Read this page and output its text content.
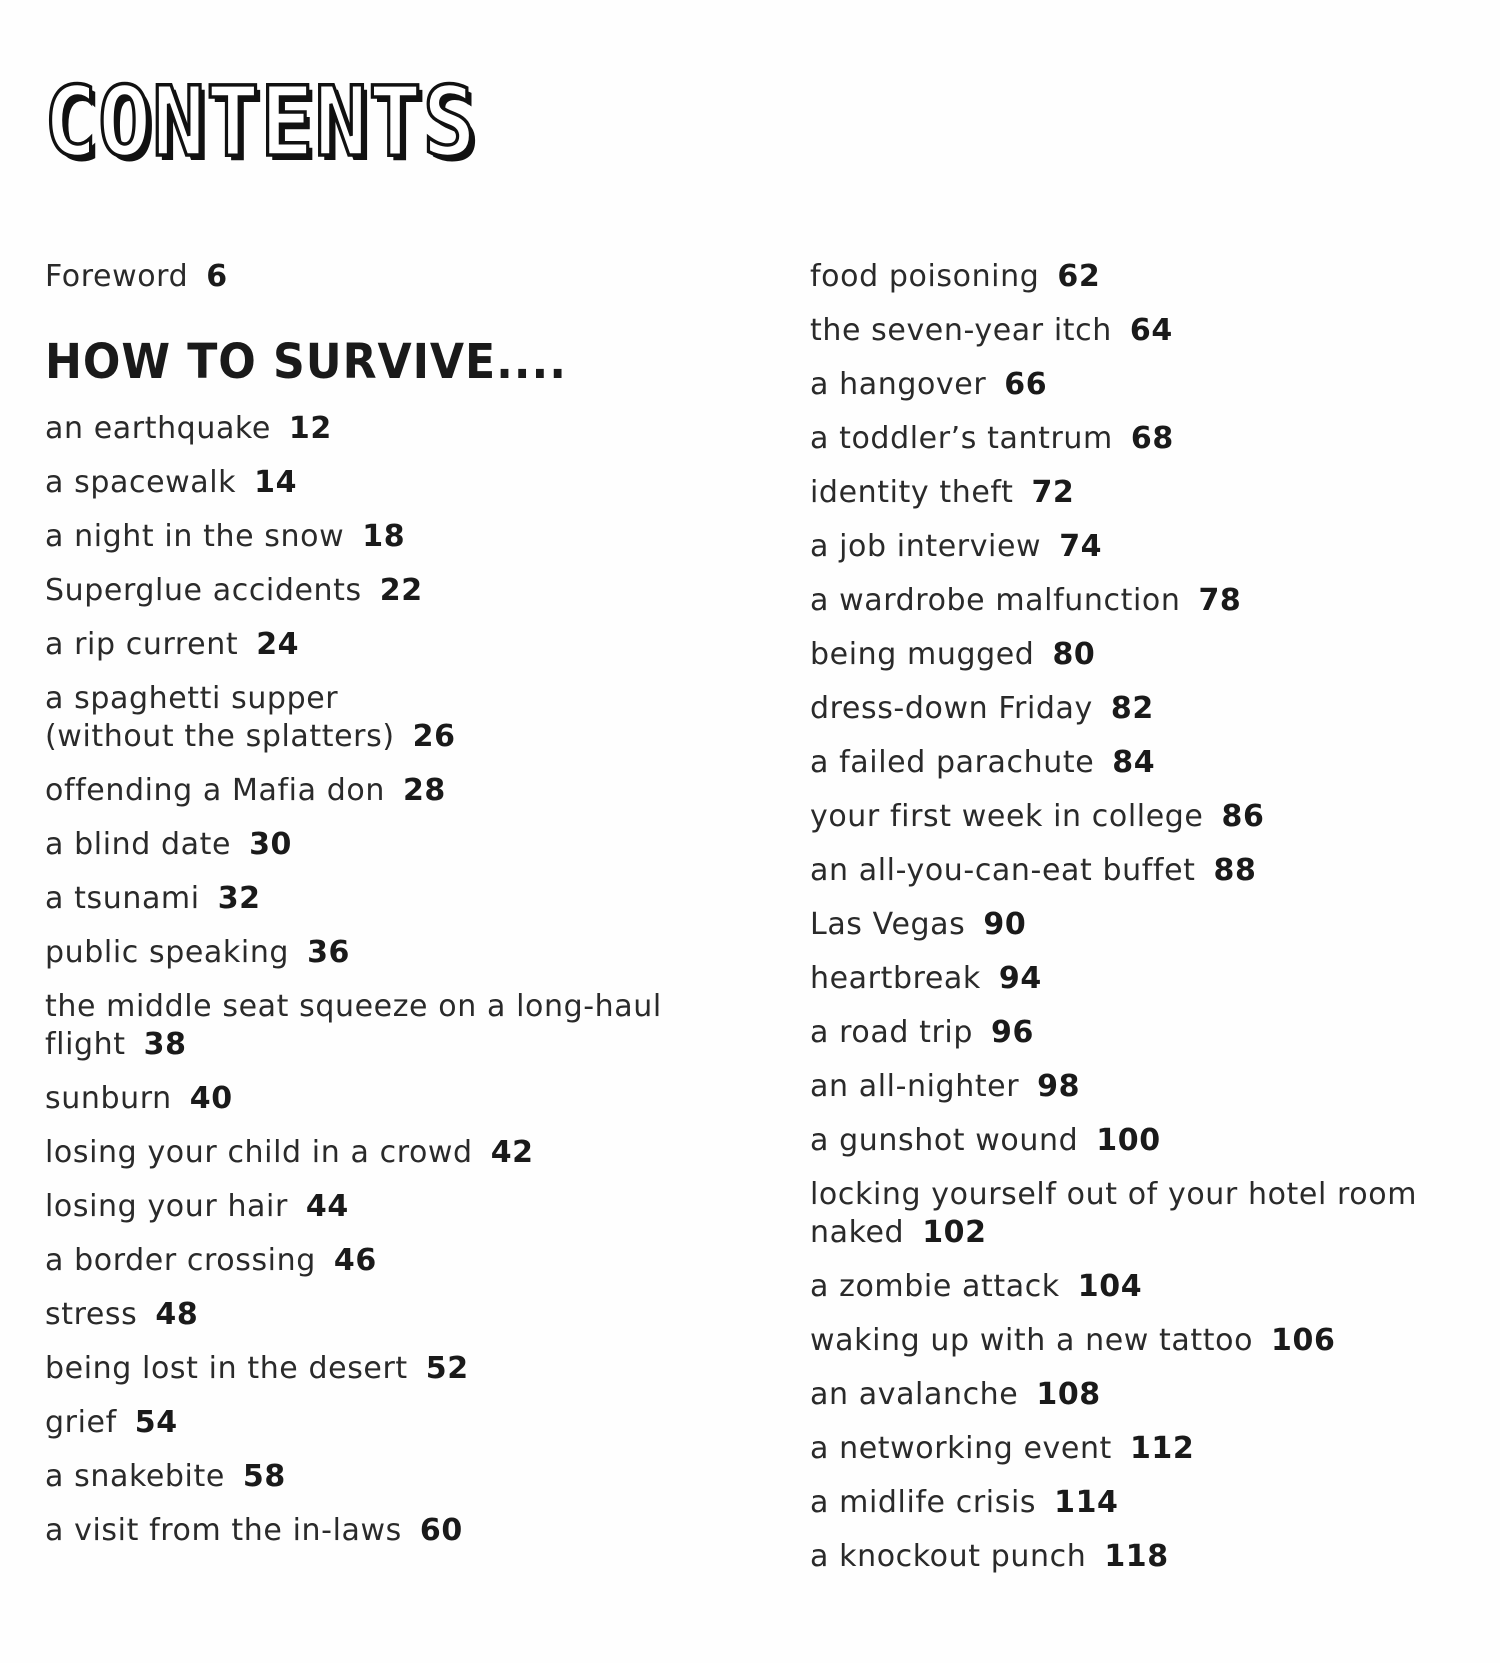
CONTENTS
Foreword 6
HOW TO SURVIVE....
an earthquake 12
a spacewalk 14
a night in the snow 18
Superglue accidents 22
a rip current 24
a spaghetti supper
(without the splatters) 26
offending a Mafia don 28
a blind date 30
a tsunami 32
public speaking 36
the middle seat squeeze on a long-haul
flight 38
sunburn 40
losing your child in a crowd 42
losing your hair 44
a border crossing 46
stress 48
being lost in the desert 52
grief 54
a snakebite 58
a visit from the in-laws 60
food poisoning 62
the seven-year itch 64
a hangover 66
a toddler’s tantrum 68
identity theft 72
a job interview 74
a wardrobe malfunction 78
being mugged 80
dress-down Friday 82
a failed parachute 84
your first week in college 86
an all-you-can-eat buffet 88
Las Vegas 90
heartbreak 94
a road trip 96
an all-nighter 98
a gunshot wound 100
locking yourself out of your hotel room
naked 102
a zombie attack 104
waking up with a new tattoo 106
an avalanche 108
a networking event 112
a midlife crisis 114
a knockout punch 118
